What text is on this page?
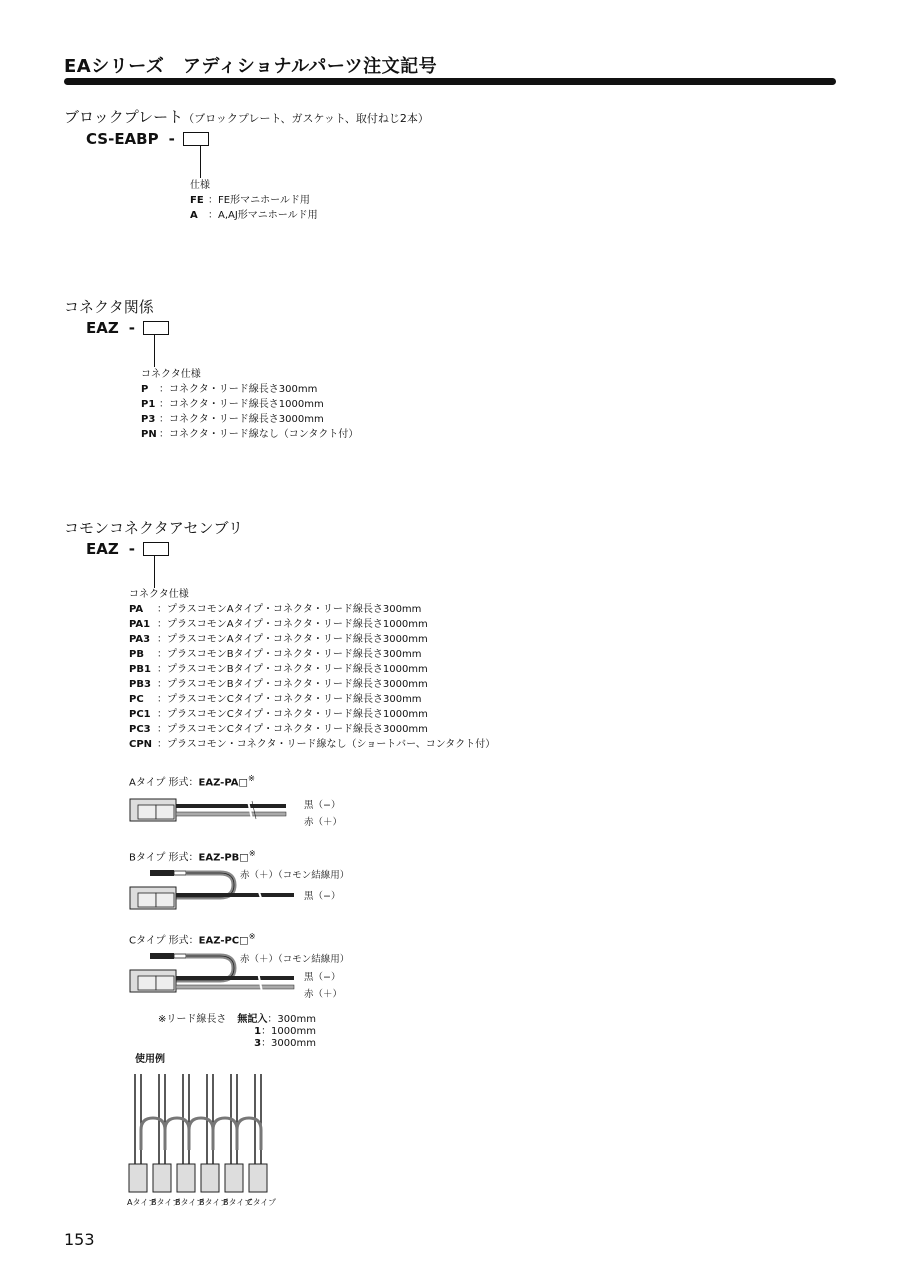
EAシリーズ　アディショナルパーツ注文記号
ブロックプレート（ブロックプレート、ガスケット、取付ねじ2本）
CS-EABP -
仕様
FE ：FE形マニホールド用
A	：A,AJ形マニホールド用
コネクタ関係
EAZ -
コネクタ仕様
P	：コネクタ・リード線長さ300mm
P1 ：コネクタ・リード線長さ1000mm
P3 ：コネクタ・リード線長さ3000mm
PN ：コネクタ・リード線なし（コンタクト付）
コモンコネクタアセンブリ
EAZ -
コネクタ仕様
PA	：プラスコモンAタイプ・コネクタ・リード線長さ300mm
PA1 ：プラスコモンAタイプ・コネクタ・リード線長さ1000mm
PA3 ：プラスコモンAタイプ・コネクタ・リード線長さ3000mm
PB	：プラスコモンBタイプ・コネクタ・リード線長さ300mm
PB1 ：プラスコモンBタイプ・コネクタ・リード線長さ1000mm
PB3 ：プラスコモンBタイプ・コネクタ・リード線長さ3000mm
PC	：プラスコモンCタイプ・コネクタ・リード線長さ300mm
PC1 ：プラスコモンCタイプ・コネクタ・リード線長さ1000mm
PC3 ：プラスコモンCタイプ・コネクタ・リード線長さ3000mm
CPN ：プラスコモン・コネクタ・リード線なし（ショートバー、コンタクト付）
Aタイプ 形式：EAZ-PA□※
黒（−）
赤（＋）
Bタイプ 形式：EAZ-PB□※
赤（＋）（コモン結線用）
黒（−）
Cタイプ 形式：EAZ-PC□※
赤（＋）（コモン結線用）
黒（−）
赤（＋）
※リード線長さ	無記入：300mm
1：1000mm
3：3000mm
使用例
Aタイプ
Bタイプ
Bタイプ
Bタイプ
Bタイプ
Cタイプ
153
